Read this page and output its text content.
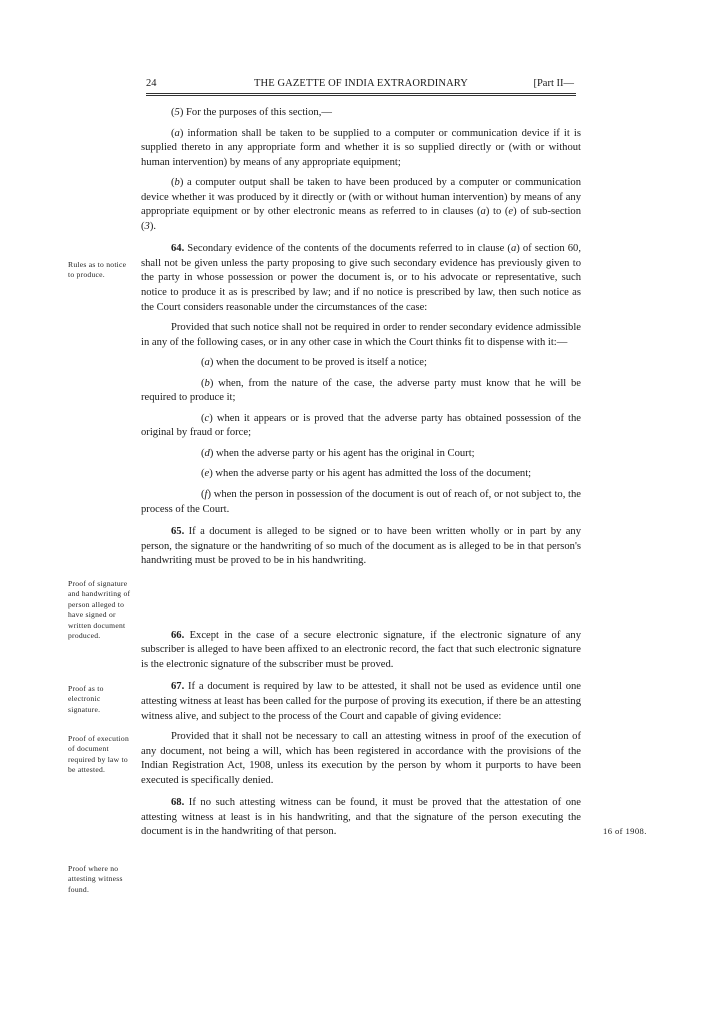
24	THE GAZETTE OF INDIA EXTRAORDINARY	[Part II—

(5) For the purposes of this section,—

(a) information shall be taken to be supplied to a computer or communication device if it is supplied thereto in any appropriate form and whether it is so supplied directly or (with or without human intervention) by means of any appropriate equipment;

(b) a computer output shall be taken to have been produced by a computer or communication device whether it was produced by it directly or (with or without human intervention) by means of any appropriate equipment or by other electronic means as referred to in clauses (a) to (e) of sub-section (3).

64. Secondary evidence of the contents of the documents referred to in clause (a) of section 60, shall not be given unless the party proposing to give such secondary evidence has previously given to the party in whose possession or power the document is, or to his advocate or representative, such notice to produce it as is prescribed by law; and if no notice is prescribed by law, then such notice as the Court considers reasonable under the circumstances of the case:

Provided that such notice shall not be required in order to render secondary evidence admissible in any of the following cases, or in any other case in which the Court thinks fit to dispense with it:—

(a) when the document to be proved is itself a notice;

(b) when, from the nature of the case, the adverse party must know that he will be required to produce it;

(c) when it appears or is proved that the adverse party has obtained possession of the original by fraud or force;

(d) when the adverse party or his agent has the original in Court;

(e) when the adverse party or his agent has admitted the loss of the document;

(f) when the person in possession of the document is out of reach of, or not subject to, the process of the Court.

65. If a document is alleged to be signed or to have been written wholly or in part by any person, the signature or the handwriting of so much of the document as is alleged to be in that person's handwriting must be proved to be in his handwriting.

66. Except in the case of a secure electronic signature, if the electronic signature of any subscriber is alleged to have been affixed to an electronic record, the fact that such electronic signature is the electronic signature of the subscriber must be proved.

67. If a document is required by law to be attested, it shall not be used as evidence until one attesting witness at least has been called for the purpose of proving its execution, if there be an attesting witness alive, and subject to the process of the Court and capable of giving evidence:

Provided that it shall not be necessary to call an attesting witness in proof of the execution of any document, not being a will, which has been registered in accordance with the provisions of the Indian Registration Act, 1908, unless its execution by the person by whom it purports to have been executed is specifically denied.

68. If no such attesting witness can be found, it must be proved that the attestation of one attesting witness at least is in his handwriting, and that the signature of the person executing the document is in the handwriting of that person.

Rules as to notice to produce.
Proof of signature and handwriting of person alleged to have signed or written document produced.
Proof as to electronic signature.
Proof of execution of document required by law to be attested.
Proof where no attesting witness found.
16 of 1908.
